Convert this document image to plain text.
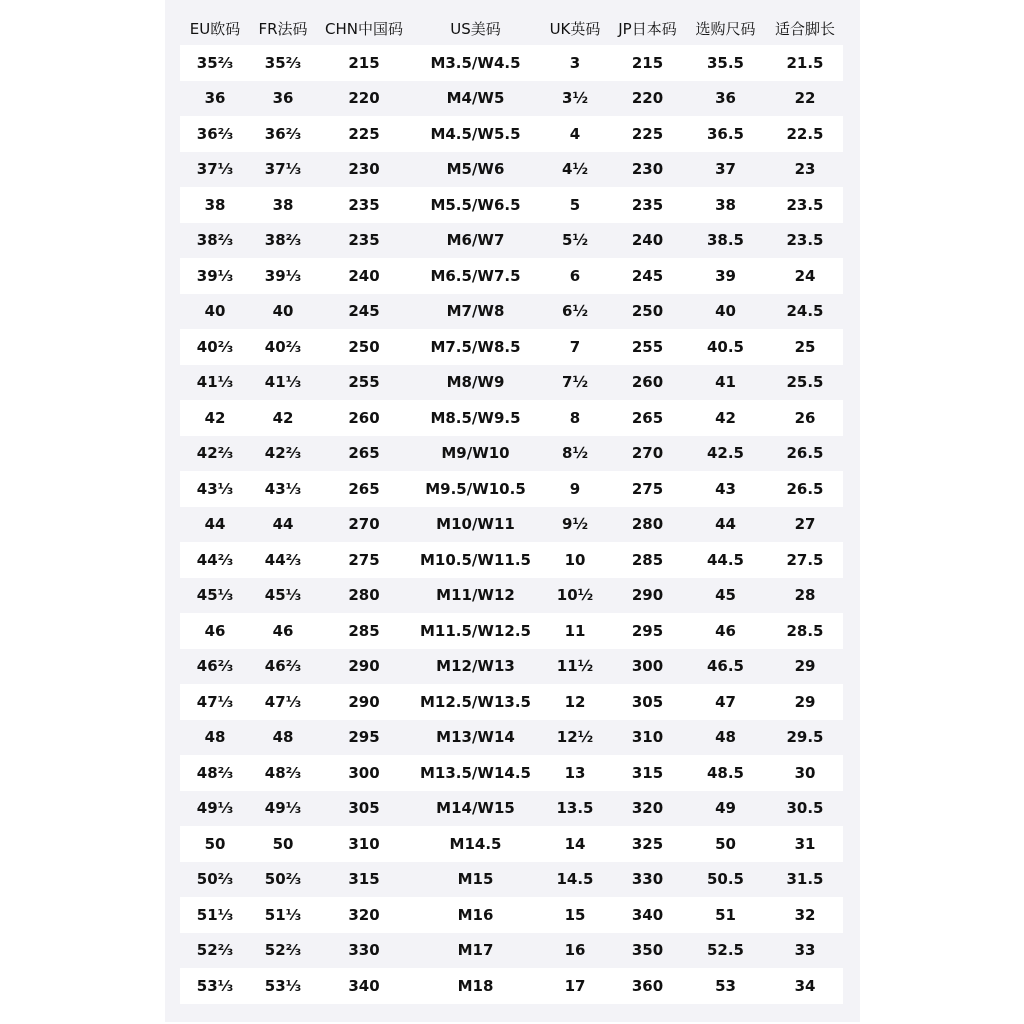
EU欧码	FR法码	CHN中国码	US美码	UK英码	JP日本码	选购尺码	适合脚长
35⅔	35⅔	215	M3.5/W4.5	3	215	35.5	21.5
36	36	220	M4/W5	3½	220	36	22
36⅔	36⅔	225	M4.5/W5.5	4	225	36.5	22.5
37⅓	37⅓	230	M5/W6	4½	230	37	23
38	38	235	M5.5/W6.5	5	235	38	23.5
38⅔	38⅔	235	M6/W7	5½	240	38.5	23.5
39⅓	39⅓	240	M6.5/W7.5	6	245	39	24
40	40	245	M7/W8	6½	250	40	24.5
40⅔	40⅔	250	M7.5/W8.5	7	255	40.5	25
41⅓	41⅓	255	M8/W9	7½	260	41	25.5
42	42	260	M8.5/W9.5	8	265	42	26
42⅔	42⅔	265	M9/W10	8½	270	42.5	26.5
43⅓	43⅓	265	M9.5/W10.5	9	275	43	26.5
44	44	270	M10/W11	9½	280	44	27
44⅔	44⅔	275	M10.5/W11.5	10	285	44.5	27.5
45⅓	45⅓	280	M11/W12	10½	290	45	28
46	46	285	M11.5/W12.5	11	295	46	28.5
46⅔	46⅔	290	M12/W13	11½	300	46.5	29
47⅓	47⅓	290	M12.5/W13.5	12	305	47	29
48	48	295	M13/W14	12½	310	48	29.5
48⅔	48⅔	300	M13.5/W14.5	13	315	48.5	30
49⅓	49⅓	305	M14/W15	13.5	320	49	30.5
50	50	310	M14.5	14	325	50	31
50⅔	50⅔	315	M15	14.5	330	50.5	31.5
51⅓	51⅓	320	M16	15	340	51	32
52⅔	52⅔	330	M17	16	350	52.5	33
53⅓	53⅓	340	M18	17	360	53	34
